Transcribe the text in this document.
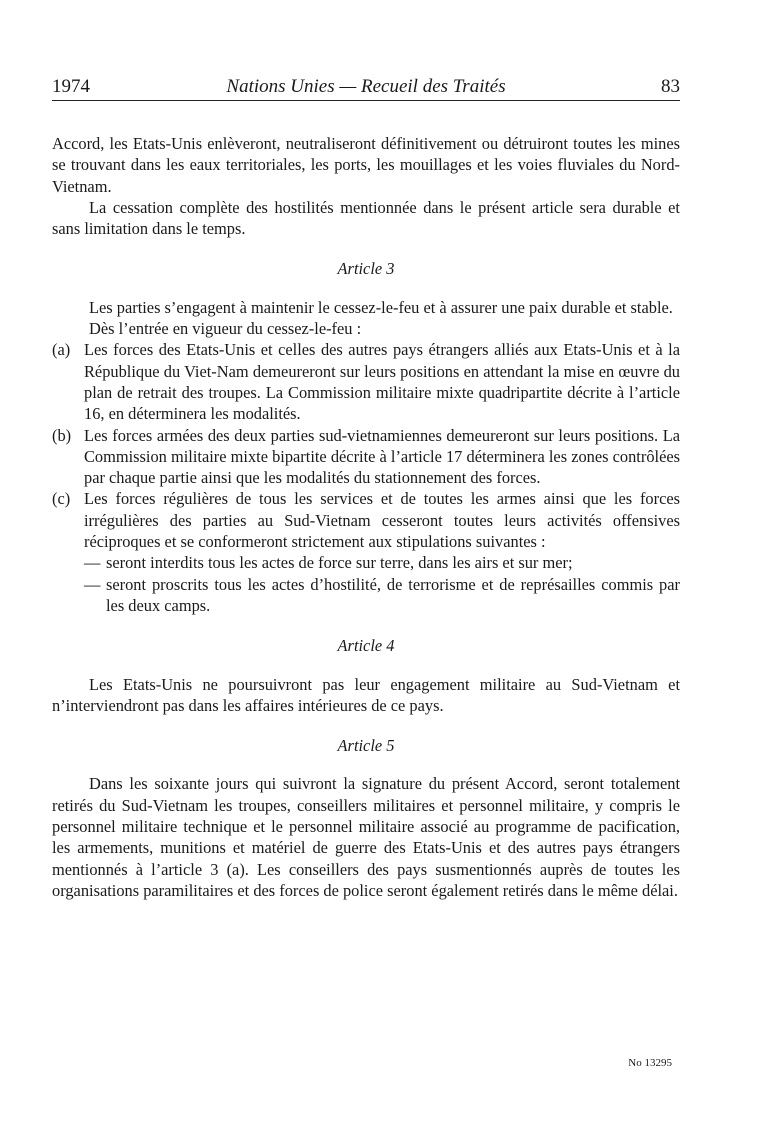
1974	Nations Unies — Recueil des Traités	83

Accord, les Etats-Unis enlèveront, neutraliseront définitivement ou détruiront toutes les mines se trouvant dans les eaux territoriales, les ports, les mouillages et les voies fluviales du Nord-Vietnam.

La cessation complète des hostilités mentionnée dans le présent article sera durable et sans limitation dans le temps.

Article 3

Les parties s’engagent à maintenir le cessez-le-feu et à assurer une paix durable et stable.

Dès l’entrée en vigueur du cessez-le-feu :

(a) Les forces des Etats-Unis et celles des autres pays étrangers alliés aux Etats-Unis et à la République du Viet-Nam demeureront sur leurs positions en attendant la mise en œuvre du plan de retrait des troupes. La Commission militaire mixte quadripartite décrite à l’article 16, en déterminera les modalités.
(b) Les forces armées des deux parties sud-vietnamiennes demeureront sur leurs positions. La Commission militaire mixte bipartite décrite à l’article 17 déterminera les zones contrôlées par chaque partie ainsi que les modalités du stationnement des forces.
(c) Les forces régulières de tous les services et de toutes les armes ainsi que les forces irrégulières des parties au Sud-Vietnam cesseront toutes leurs activités offensives réciproques et se conformeront strictement aux stipulations suivantes :
— seront interdits tous les actes de force sur terre, dans les airs et sur mer;
— seront proscrits tous les actes d’hostilité, de terrorisme et de représailles commis par les deux camps.

Article 4

Les Etats-Unis ne poursuivront pas leur engagement militaire au Sud-Vietnam et n’interviendront pas dans les affaires intérieures de ce pays.

Article 5

Dans les soixante jours qui suivront la signature du présent Accord, seront totalement retirés du Sud-Vietnam les troupes, conseillers militaires et personnel militaire, y compris le personnel militaire technique et le personnel militaire associé au programme de pacification, les armements, munitions et matériel de guerre des Etats-Unis et des autres pays étrangers mentionnés à l’article 3 (a). Les conseillers des pays susmentionnés auprès de toutes les organisations paramilitaires et des forces de police seront également retirés dans le même délai.

No 13295
